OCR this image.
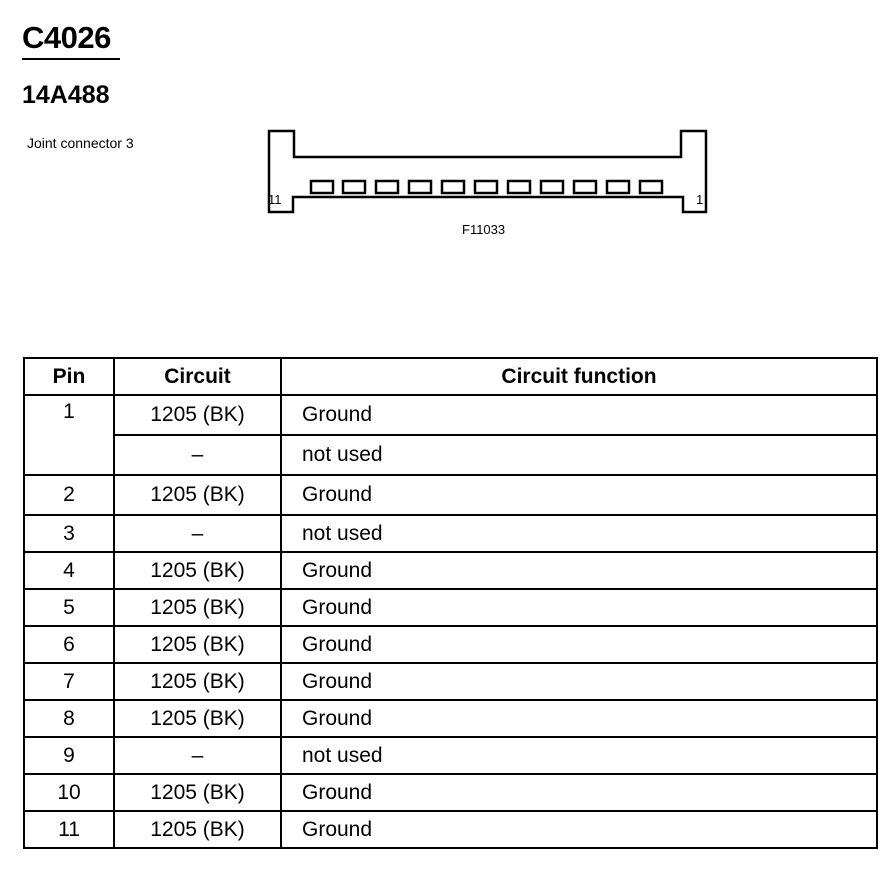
C4026
14A488
Joint connector 3
11	1
F11033
Pin	Circuit	Circuit function
1	1205 (BK)	Ground
	–	not used
2	1205 (BK)	Ground
3	–	not used
4	1205 (BK)	Ground
5	1205 (BK)	Ground
6	1205 (BK)	Ground
7	1205 (BK)	Ground
8	1205 (BK)	Ground
9	–	not used
10	1205 (BK)	Ground
11	1205 (BK)	Ground
